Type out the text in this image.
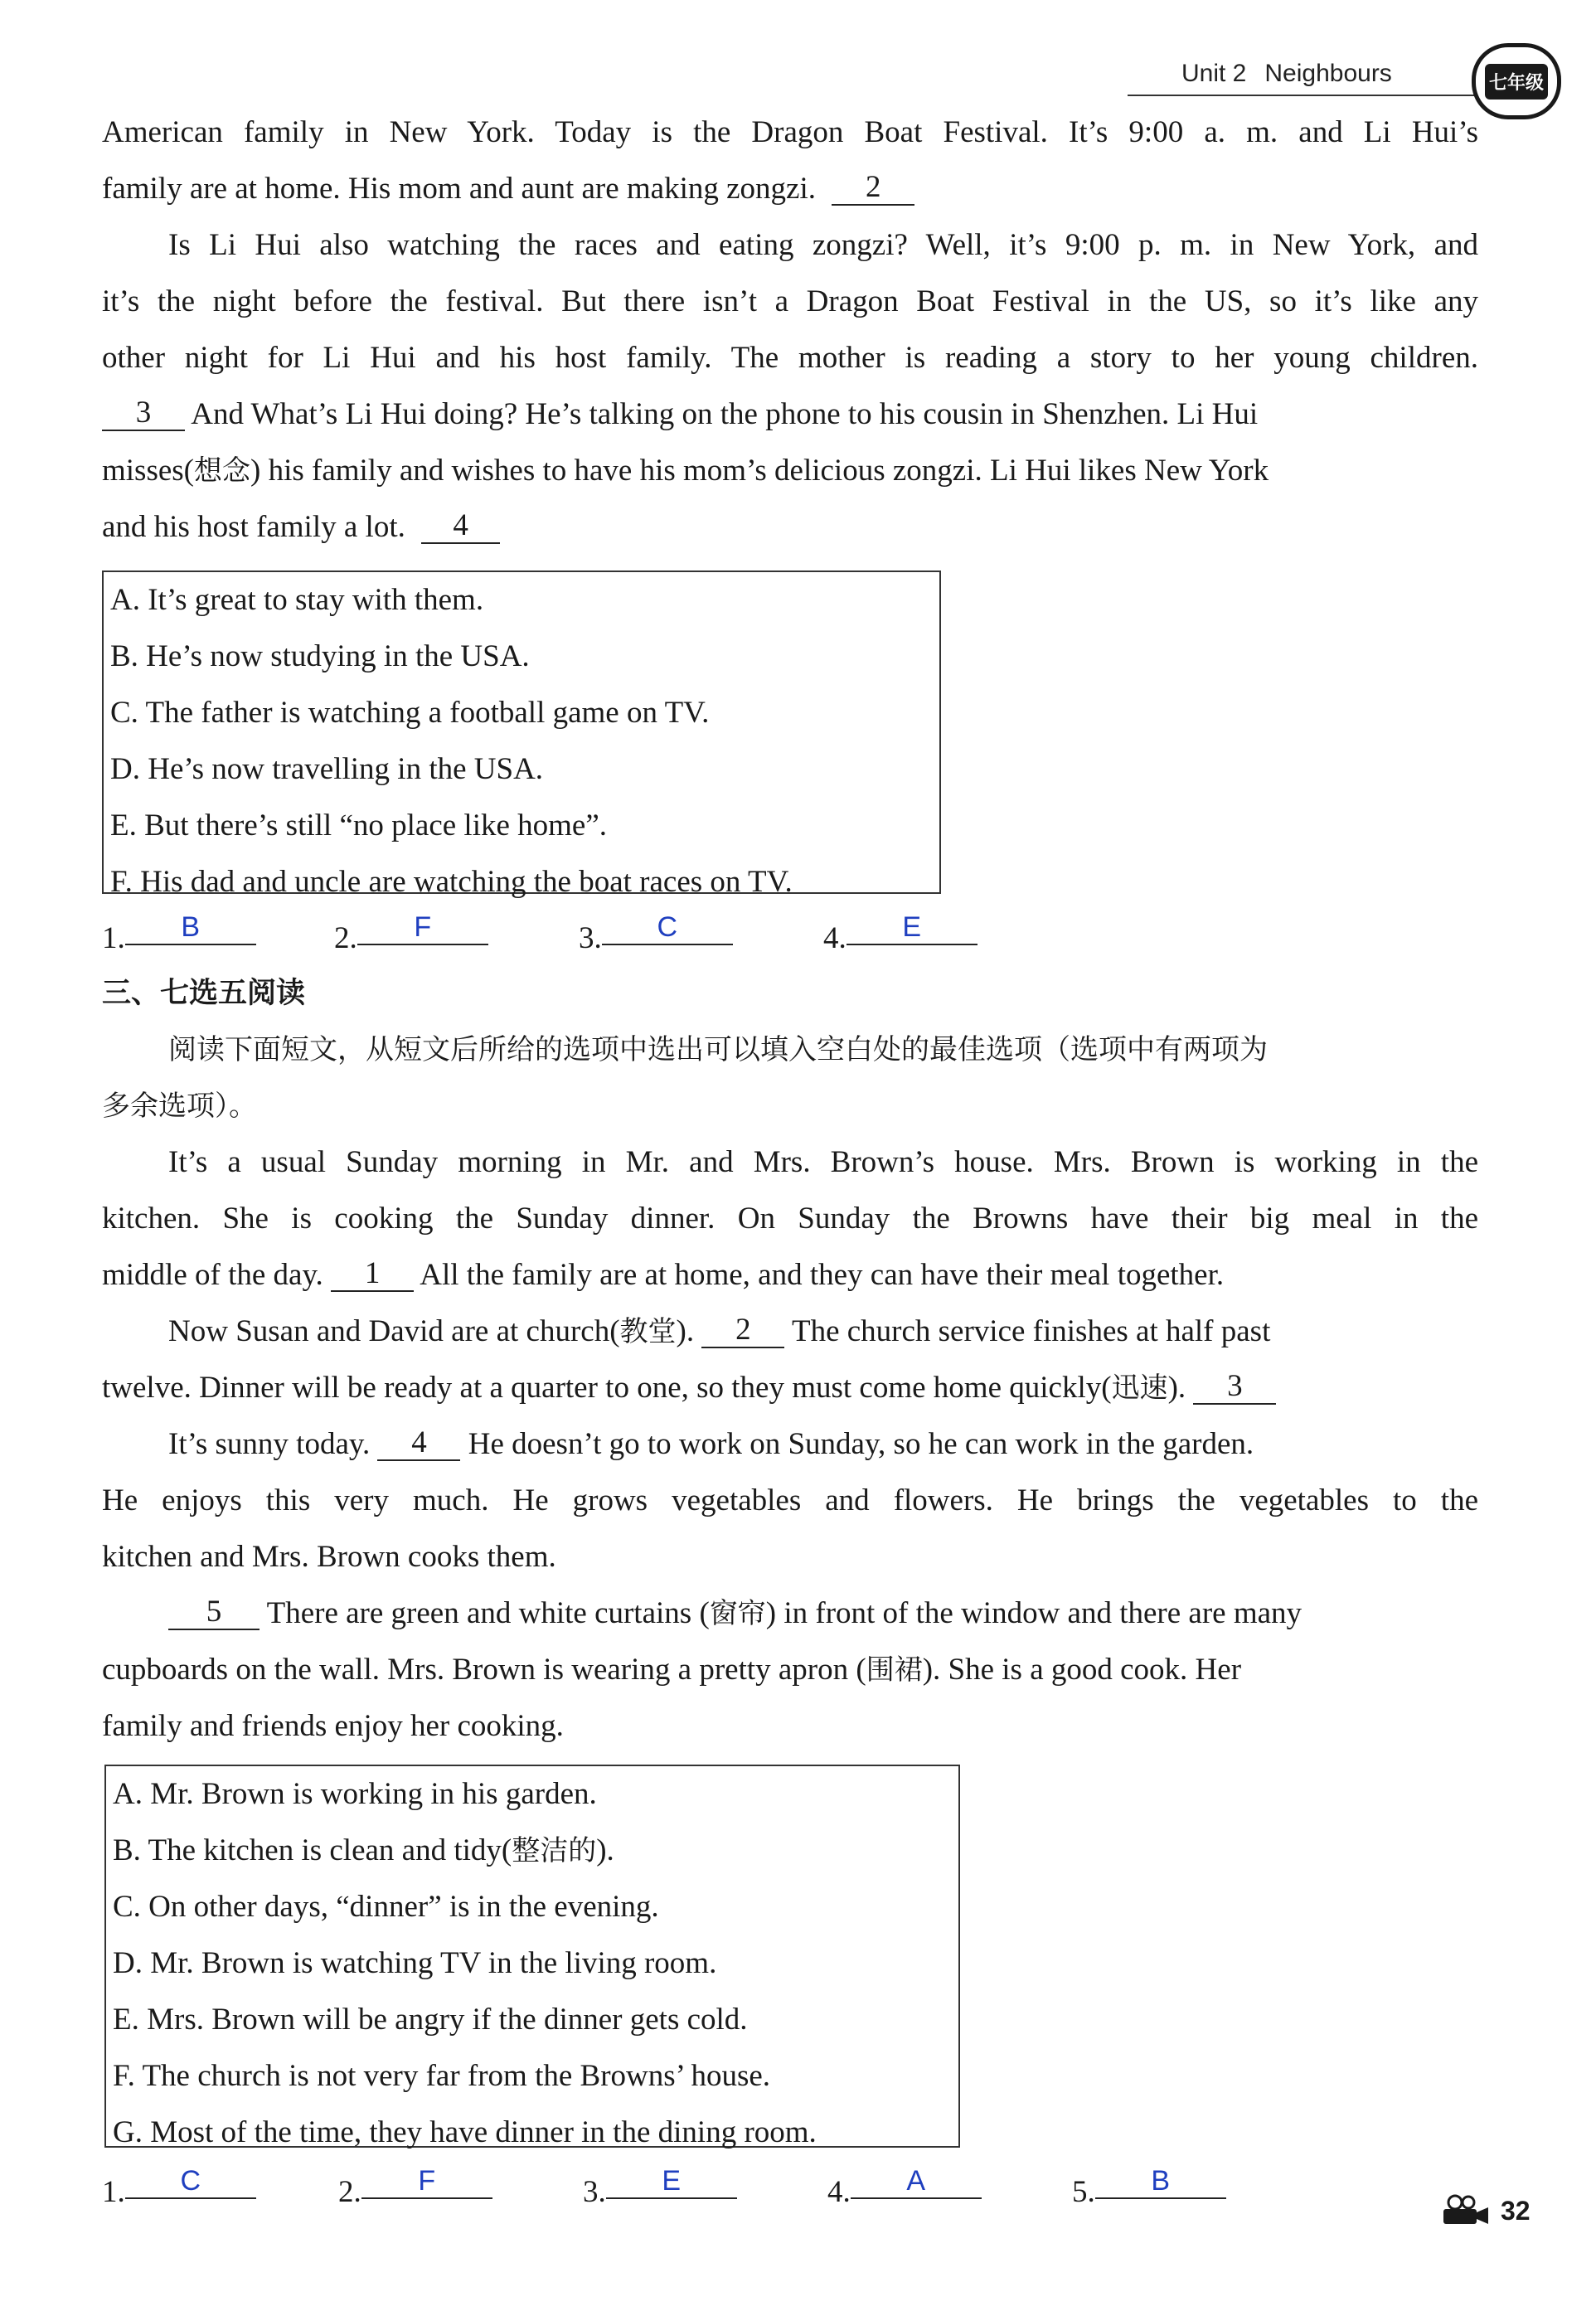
Unit 2 Neighbours	七年级
American family in New York. Today is the Dragon Boat Festival. It’s 9:00 a. m. and Li Hui’s
family are at home. His mom and aunt are making zongzi. 2
Is Li Hui also watching the races and eating zongzi? Well, it’s 9:00 p. m. in New York, and
it’s the night before the festival. But there isn’t a Dragon Boat Festival in the US, so it’s like any
other night for Li Hui and his host family. The mother is reading a story to her young children.
3 And What’s Li Hui doing? He’s talking on the phone to his cousin in Shenzhen. Li Hui
misses(想念) his family and wishes to have his mom’s delicious zongzi. Li Hui likes New York
and his host family a lot. 4
A. It’s great to stay with them.
B. He’s now studying in the USA.
C. The father is watching a football game on TV.
D. He’s now travelling in the USA.
E. But there’s still “no place like home”.
F. His dad and uncle are watching the boat races on TV.
1. B	2. F	3. C	4. E
三、七选五阅读
阅读下面短文，从短文后所给的选项中选出可以填入空白处的最佳选项（选项中有两项为
多余选项）。
It’s a usual Sunday morning in Mr. and Mrs. Brown’s house. Mrs. Brown is working in the
kitchen. She is cooking the Sunday dinner. On Sunday the Browns have their big meal in the
middle of the day. 1 All the family are at home, and they can have their meal together.
Now Susan and David are at church(教堂). 2 The church service finishes at half past
twelve. Dinner will be ready at a quarter to one, so they must come home quickly(迅速). 3
It’s sunny today. 4 He doesn’t go to work on Sunday, so he can work in the garden.
He enjoys this very much. He grows vegetables and flowers. He brings the vegetables to the
kitchen and Mrs. Brown cooks them.
5 There are green and white curtains (窗帘) in front of the window and there are many
cupboards on the wall. Mrs. Brown is wearing a pretty apron (围裙). She is a good cook. Her
family and friends enjoy her cooking.
A. Mr. Brown is working in his garden.
B. The kitchen is clean and tidy(整洁的).
C. On other days, “dinner” is in the evening.
D. Mr. Brown is watching TV in the living room.
E. Mrs. Brown will be angry if the dinner gets cold.
F. The church is not very far from the Browns’ house.
G. Most of the time, they have dinner in the dining room.
1. C	2. F	3. E	4. A	5. B
32
